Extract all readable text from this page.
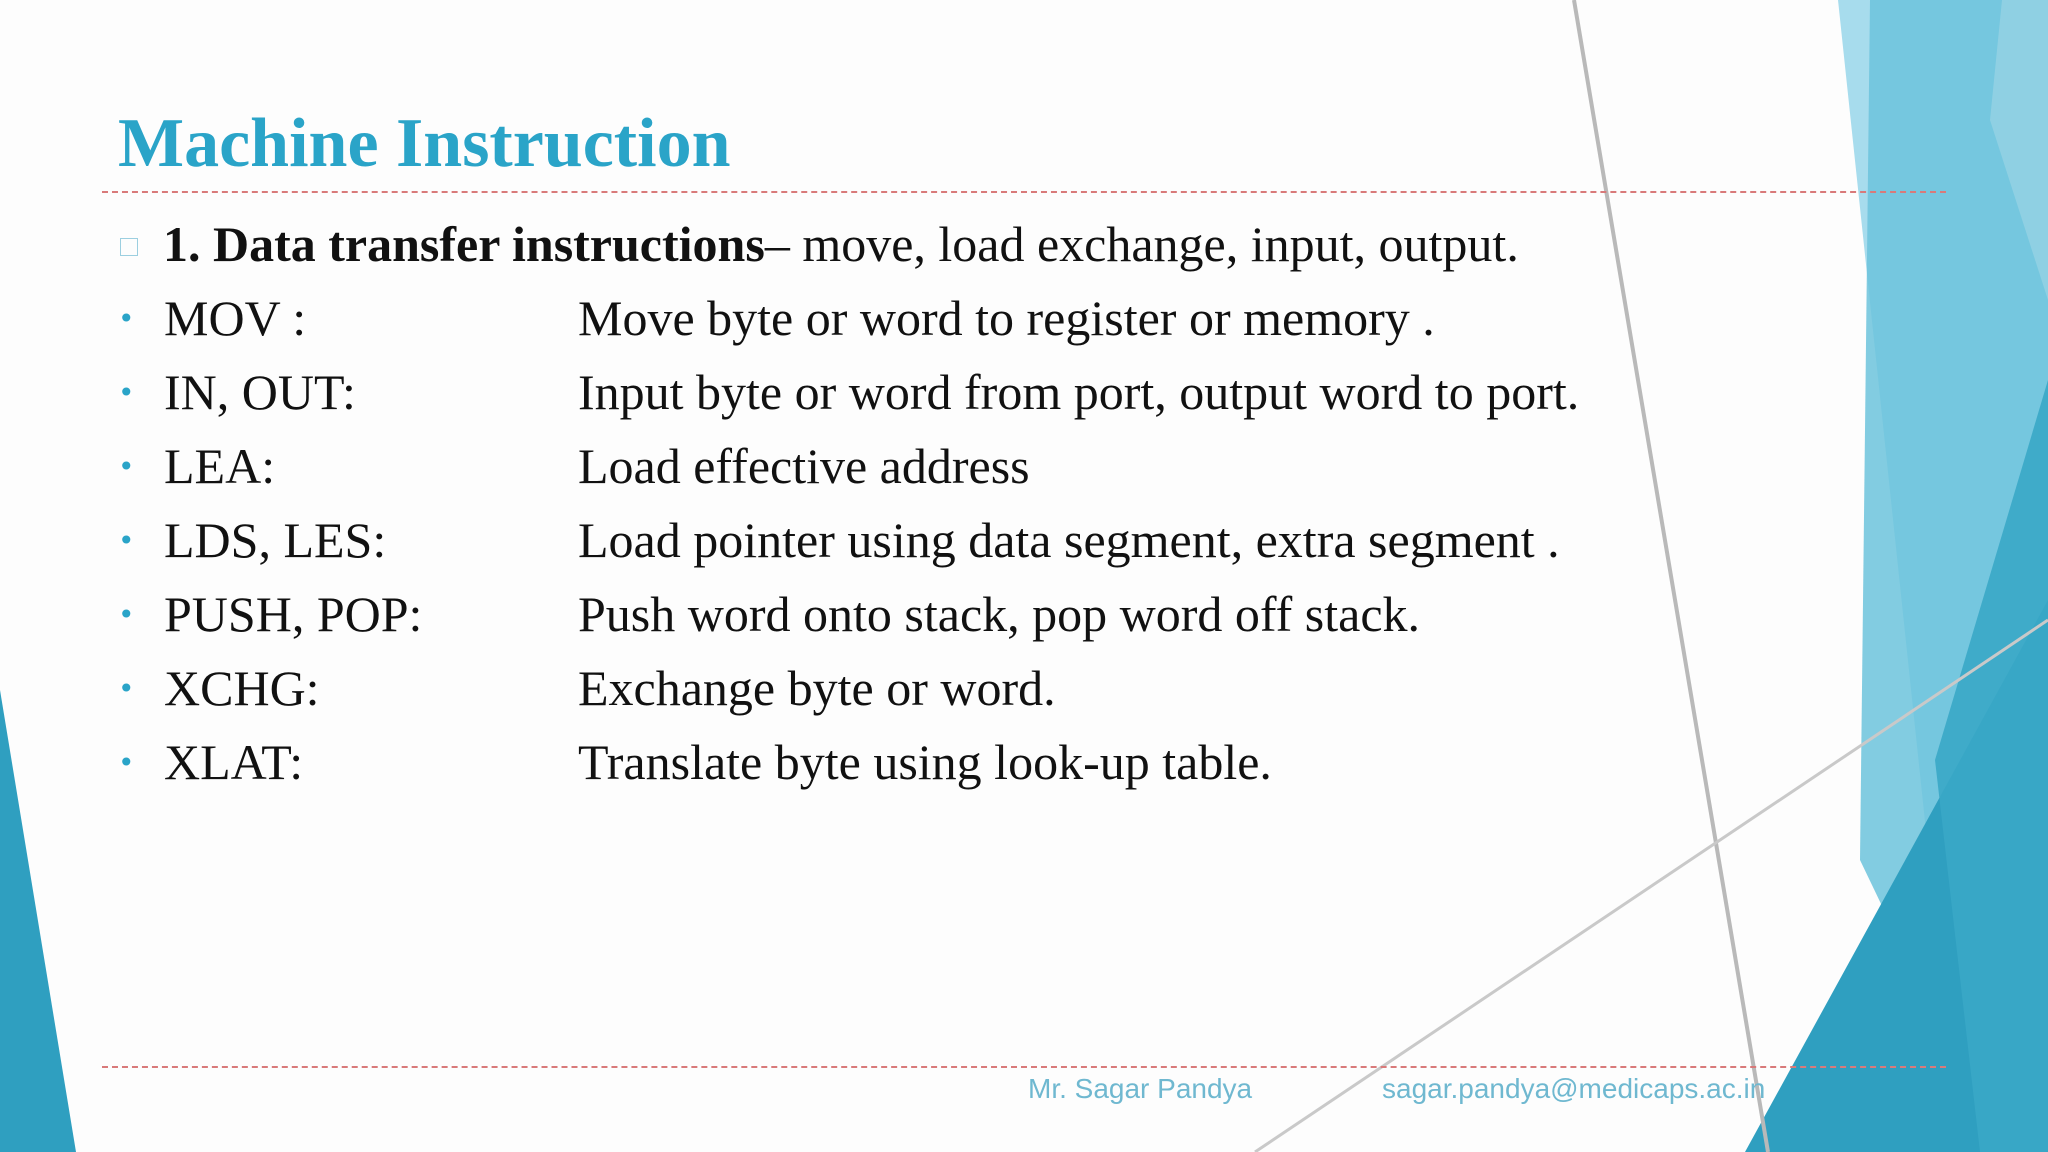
Machine Instruction
1. Data transfer instructions – move, load exchange, input, output.
• MOV :	Move byte or word to register or memory .
• IN, OUT:	Input byte or word from port, output word to port.
• LEA:	Load effective address
• LDS, LES:	Load pointer using data segment, extra segment .
• PUSH, POP:	Push word onto stack, pop word off stack.
• XCHG:	Exchange byte or word.
• XLAT:	Translate byte using look-up table.
Mr. Sagar Pandya	sagar.pandya@medicaps.ac.in
